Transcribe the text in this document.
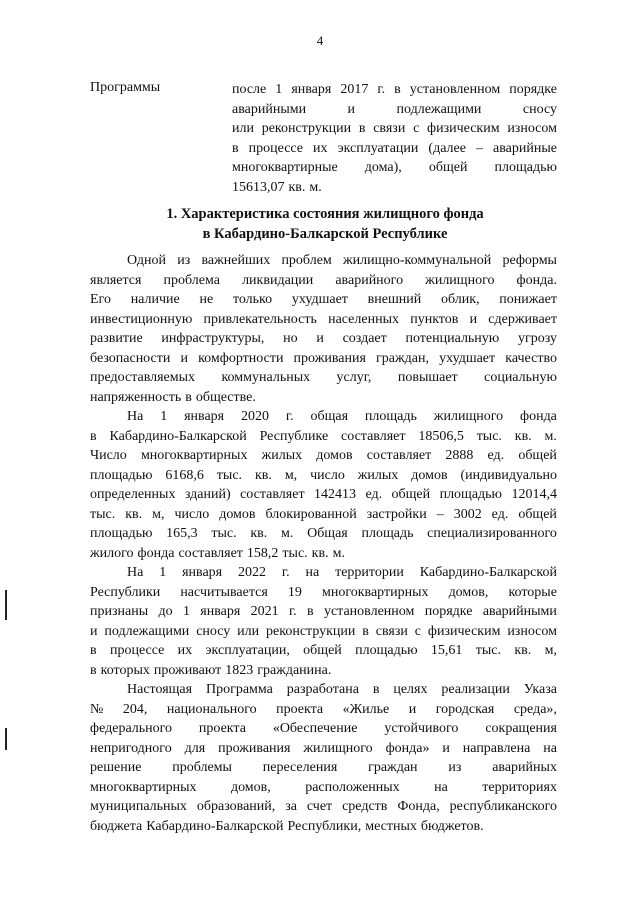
4
Программы	после 1 января 2017 г. в установленном порядке
аварийными	и	подлежащими	сносу
или реконструкции в связи с физическим износом
в процессе их эксплуатации (далее – аварийные
многоквартирные дома), общей площадью
15613,07 кв. м.
1. Характеристика состояния жилищного фонда
в Кабардино-Балкарской Республике
Одной из важнейших проблем жилищно-коммунальной реформы
является проблема ликвидации аварийного жилищного фонда.
Его наличие не только ухудшает внешний облик, понижает
инвестиционную привлекательность населенных пунктов и сдерживает
развитие инфраструктуры, но и создает потенциальную угрозу
безопасности и комфортности проживания граждан, ухудшает качество
предоставляемых коммунальных услуг, повышает социальную
напряженность в обществе.
На 1 января 2020 г. общая площадь жилищного фонда
в Кабардино-Балкарской Республике составляет 18506,5 тыс. кв. м.
Число многоквартирных жилых домов составляет 2888 ед. общей
площадью 6168,6 тыс. кв. м, число жилых домов (индивидуально
определенных зданий) составляет 142413 ед. общей площадью 12014,4
тыс. кв. м, число домов блокированной застройки – 3002 ед. общей
площадью 165,3 тыс. кв. м. Общая площадь специализированного
жилого фонда составляет 158,2 тыс. кв. м.
На 1 января 2022 г. на территории Кабардино-Балкарской
Республики насчитывается 19 многоквартирных домов, которые
признаны до 1 января 2021 г. в установленном порядке аварийными
и подлежащими сносу или реконструкции в связи с физическим износом
в процессе их эксплуатации, общей площадью 15,61 тыс. кв. м,
в которых проживают 1823 гражданина.
Настоящая Программа разработана в целях реализации Указа
№ 204, национального проекта «Жилье и городская среда»,
федерального проекта «Обеспечение устойчивого сокращения
непригодного для проживания жилищного фонда» и направлена на
решение проблемы переселения граждан из аварийных
многоквартирных домов, расположенных на территориях
муниципальных образований, за счет средств Фонда, республиканского
бюджета Кабардино-Балкарской Республики, местных бюджетов.
